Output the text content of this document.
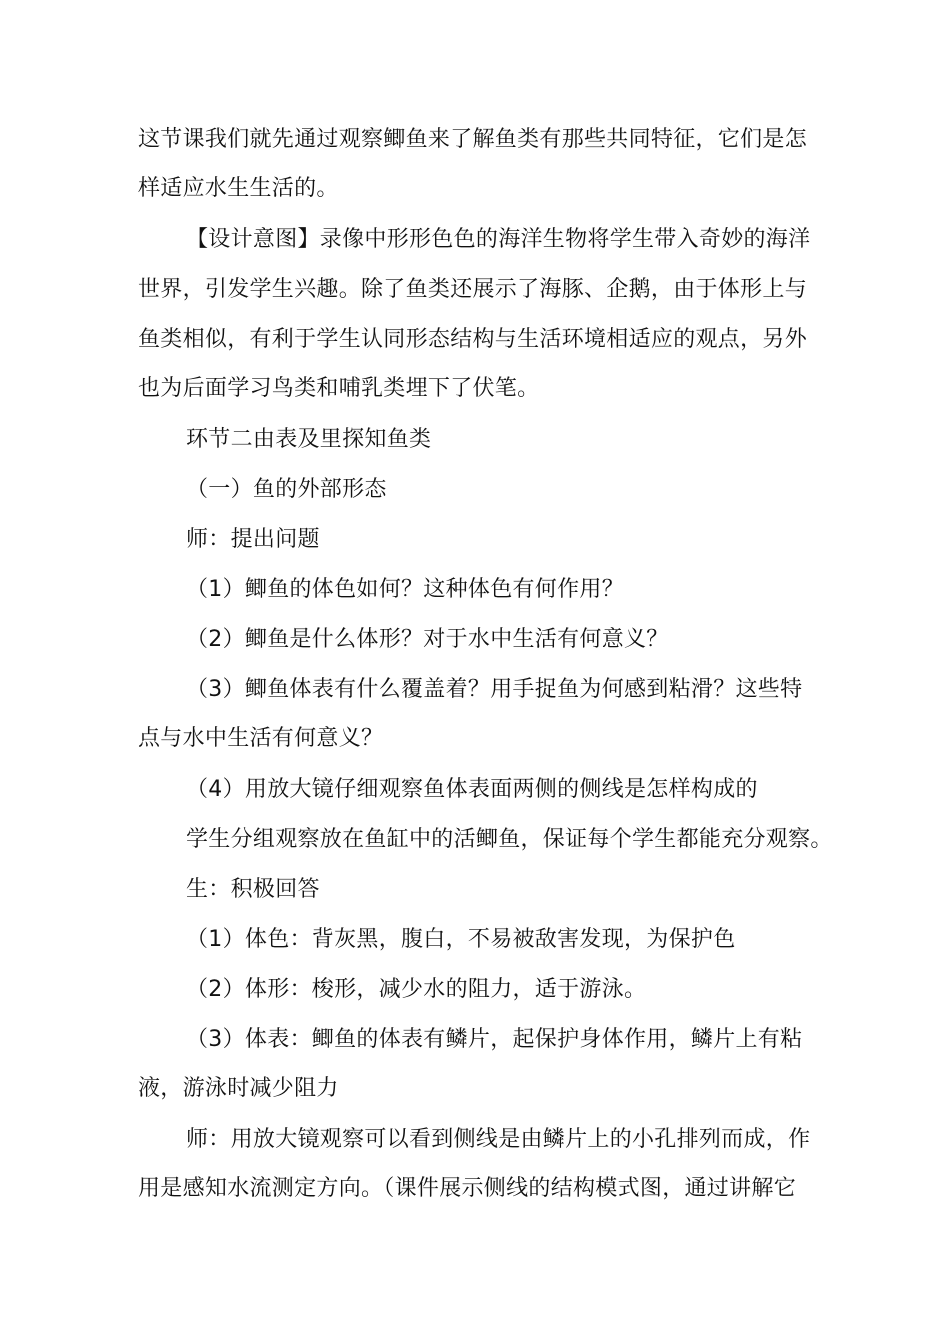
这节课我们就先通过观察鲫鱼来了解鱼类有那些共同特征，它们是怎
样适应水生生活的。
【设计意图】录像中形形色色的海洋生物将学生带入奇妙的海洋
世界，引发学生兴趣。除了鱼类还展示了海豚、企鹅，由于体形上与
鱼类相似，有利于学生认同形态结构与生活环境相适应的观点，另外
也为后面学习鸟类和哺乳类埋下了伏笔。
环节二由表及里探知鱼类
（一）鱼的外部形态
师：提出问题
（1）鲫鱼的体色如何？这种体色有何作用？
（2）鲫鱼是什么体形？对于水中生活有何意义？
（3）鲫鱼体表有什么覆盖着？用手捉鱼为何感到粘滑？这些特
点与水中生活有何意义？
（4）用放大镜仔细观察鱼体表面两侧的侧线是怎样构成的
学生分组观察放在鱼缸中的活鲫鱼，保证每个学生都能充分观察。
生：积极回答
（1）体色：背灰黑，腹白，不易被敌害发现，为保护色
（2）体形：梭形，减少水的阻力，适于游泳。
（3）体表：鲫鱼的体表有鳞片，起保护身体作用，鳞片上有粘
液，游泳时减少阻力
师：用放大镜观察可以看到侧线是由鳞片上的小孔排列而成，作
用是感知水流测定方向。（课件展示侧线的结构模式图，通过讲解它
